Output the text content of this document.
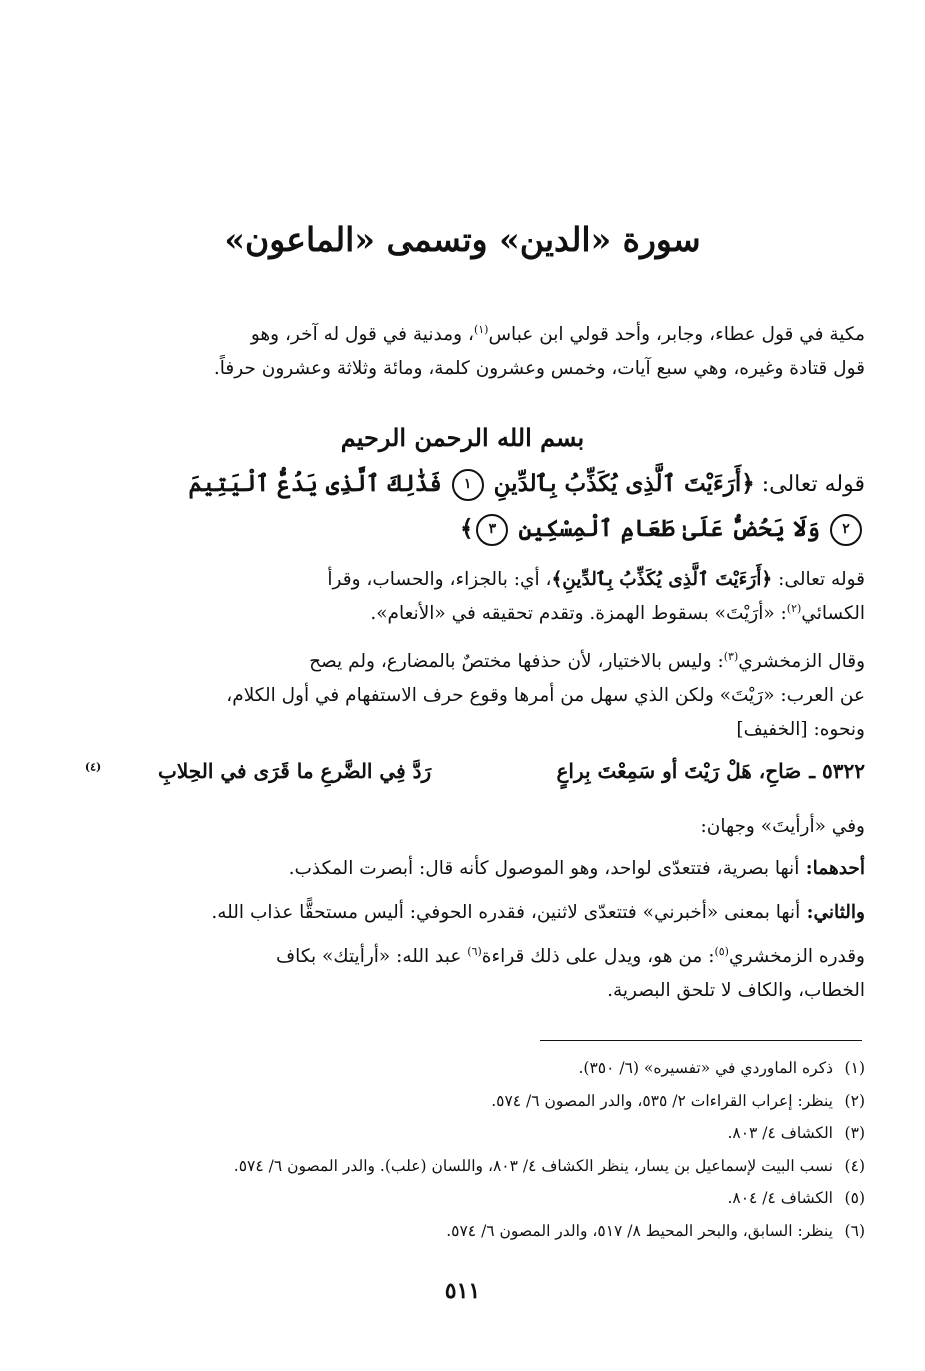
سورة «الدين» وتسمى «الماعون»
مكية في قول عطاء، وجابر، وأحد قولي ابن عباس$^{(١)}$، ومدنية في قول له آخر، وهو
قول قتادة وغيره، وهي سبع آيات، وخمس وعشرون كلمة، ومائة وثلاثة وعشرون حرفاً.
بسم الله الرحمن الرحيم
قوله تعالى: ﴿أَرَءَيْتَ ٱلَّذِى يُكَذِّبُ بِٱلدِّينِ ١ فَذَٰلِكَ ٱلَّذِى يَدُعُّ ٱلْيَتِيمَ
٢ وَلَا يَحُضُّ عَلَىٰ طَعَامِ ٱلْمِسْكِينِ ٣﴾
قوله تعالى: ﴿أَرَءَيْتَ ٱلَّذِى يُكَذِّبُ بِٱلدِّينِ﴾، أي: بالجزاء، والحساب، وقرأ
الكسائي$^{(٢)}$: «أرَيْتَ» بسقوط الهمزة. وتقدم تحقيقه في «الأنعام».
وقال الزمخشري$^{(٣)}$: وليس بالاختيار، لأن حذفها مختصٌ بالمضارع، ولم يصح
عن العرب: «رَيْتَ» ولكن الذي سهل من أمرها وقوع حرف الاستفهام في أول الكلام،
ونحوه: [الخفيف]
٥٣٢٢ ـصَاحِ، هَلْ رَيْتَ أو سَمِعْتَ بِراعٍرَدَّ فِي الضَّرعِ ما قَرَى في الحِلابِ$^{(٤)}$
وفي «أرأيتَ» وجهان:
أحدهما: أنها بصرية، فتتعدّى لواحد، وهو الموصول كأنه قال: أبصرت المكذب.
والثاني: أنها بمعنى «أخبرني» فتتعدّى لاثنين، فقدره الحوفي: أليس مستحقًّا عذاب الله.
وقدره الزمخشري$^{(٥)}$: من هو، ويدل على ذلك قراءة$^{(٦)}$ عبد الله: «أرأيتك» بكاف
الخطاب، والكاف لا تلحق البصرية.
(١)ذكره الماوردي في «تفسيره» (٦/ ٣٥٠).
(٢)ينظر: إعراب القراءات ٢/ ٥٣٥، والدر المصون ٦/ ٥٧٤.
(٣)الكشاف ٤/ ٨٠٣.
(٤)نسب البيت لإسماعيل بن يسار، ينظر الكشاف ٤/ ٨٠٣، واللسان (علب). والدر المصون ٦/ ٥٧٤.
(٥)الكشاف ٤/ ٨٠٤.
(٦)ينظر: السابق، والبحر المحيط ٨/ ٥١٧، والدر المصون ٦/ ٥٧٤.
٥١١
